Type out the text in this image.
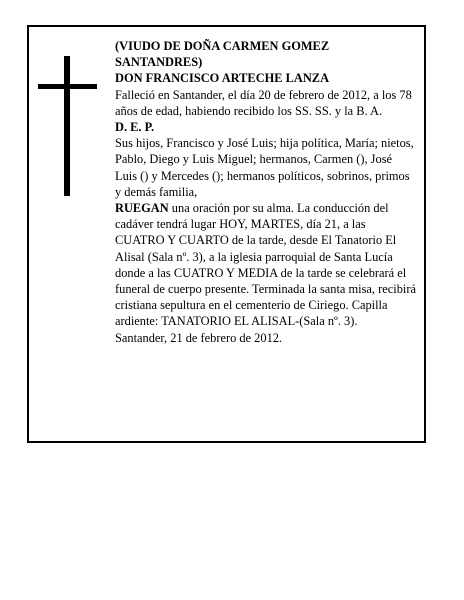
(VIUDO DE DOÑA CARMEN GOMEZ SANTANDRES)

DON FRANCISCO ARTECHE LANZA

Falleció en Santander, el día 20 de febrero de 2012, a los 78 años de edad, habiendo recibido los SS. SS. y la B. A.

D. E. P.

Sus hijos, Francisco y José Luis; hija política, María; nietos, Pablo, Diego y Luis Miguel; hermanos, Carmen (), José Luis () y Mercedes (); hermanos políticos, sobrinos, primos y demás familia,

RUEGAN una oración por su alma. La conducción del cadáver tendrá lugar HOY, MARTES, día 21, a las CUATRO Y CUARTO de la tarde, desde El Tanatorio El Alisal (Sala nº. 3), a la iglesia parroquial de Santa Lucía donde a las CUATRO Y MEDIA de la tarde se celebrará el funeral de cuerpo presente. Terminada la santa misa, recibirá cristiana sepultura en el cementerio de Ciriego. Capilla ardiente: TANATORIO EL ALISAL-(Sala nº. 3).

Santander, 21 de febrero de 2012.
